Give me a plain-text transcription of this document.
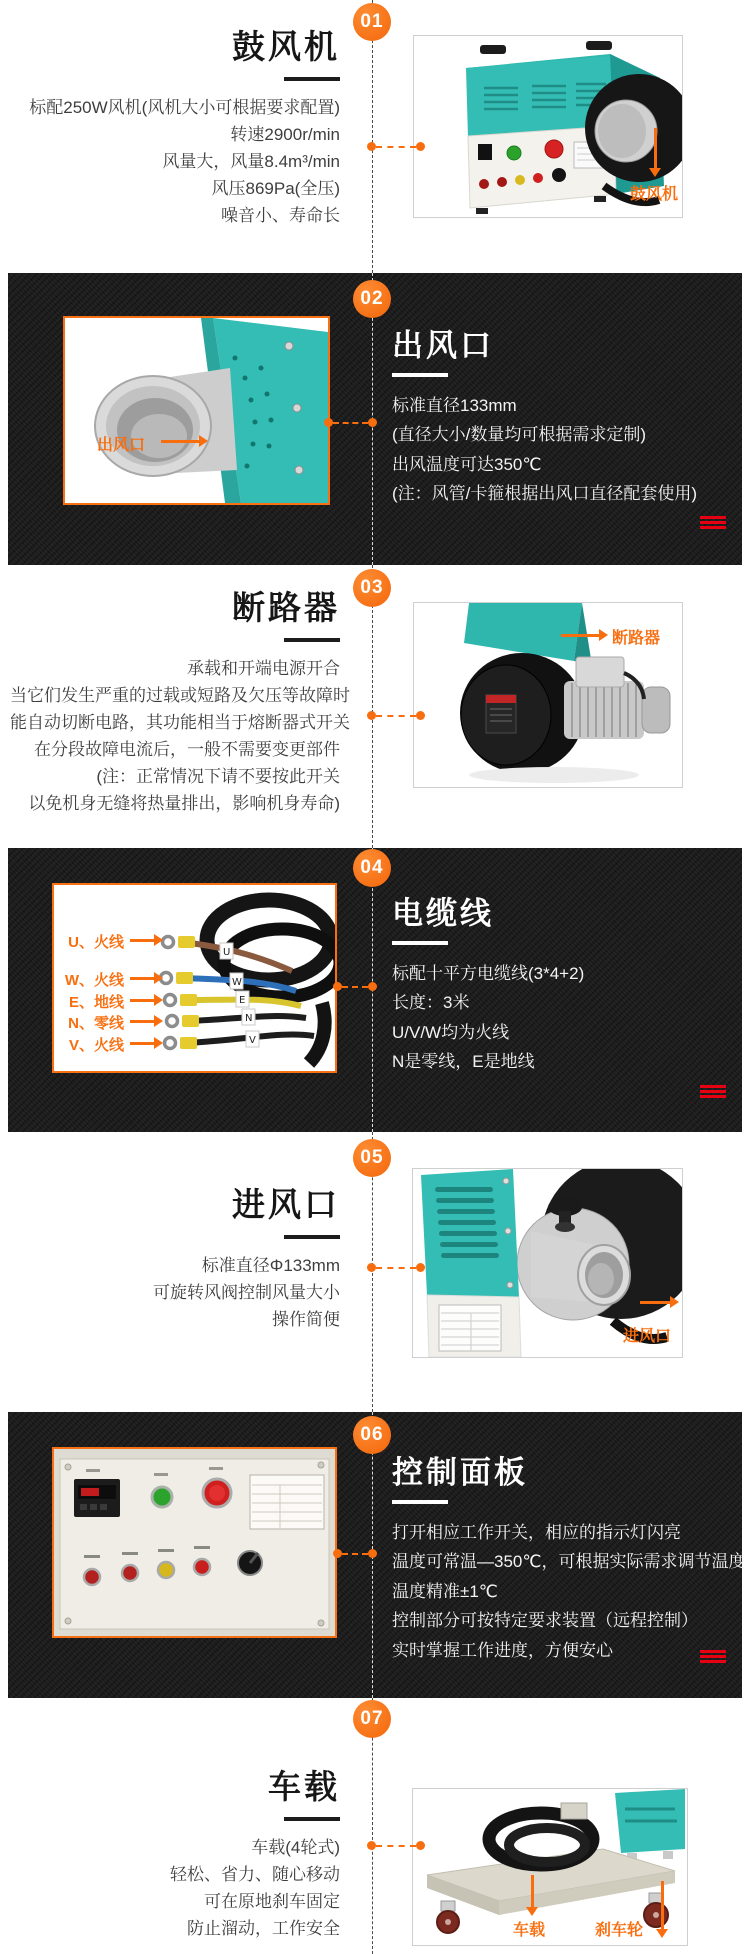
01
鼓风机
标配250W风机(风机大小可根据要求配置)
转速2900r/min
风量大，风量8.4m³/min
风压869Pa(全压)
噪音小、寿命长
鼓风机
02
出风口
出风口
标准直径133mm
(直径大小/数量均可根据需求定制)
出风温度可达350℃
(注：风管/卡箍根据出风口直径配套使用)
03
断路器
承载和开端电源开合
当它们发生严重的过载或短路及欠压等故障时
能自动切断电路，其功能相当于熔断器式开关
在分段故障电流后，一般不需要变更部件
(注：正常情况下请不要按此开关
以免机身无缝将热量排出，影响机身寿命)
断路器
04
U
W
E
N
V
U、火线
W、火线
E、地线
N、零线
V、火线
电缆线
标配十平方电缆线(3*4+2)
长度：3米
U/V/W均为火线
N是零线，E是地线
05
进风口
标准直径Φ133mm
可旋转风阀控制风量大小
操作简便
进风口
06
控制面板
打开相应工作开关，相应的指示灯闪亮
温度可常温—350℃，可根据实际需求调节温度
温度精准±1℃
控制部分可按特定要求装置（远程控制）
实时掌握工作进度，方便安心
07
车载
车载(4轮式)
轻松、省力、随心移动
可在原地刹车固定
防止溜动，工作安全	车载	刹车轮
